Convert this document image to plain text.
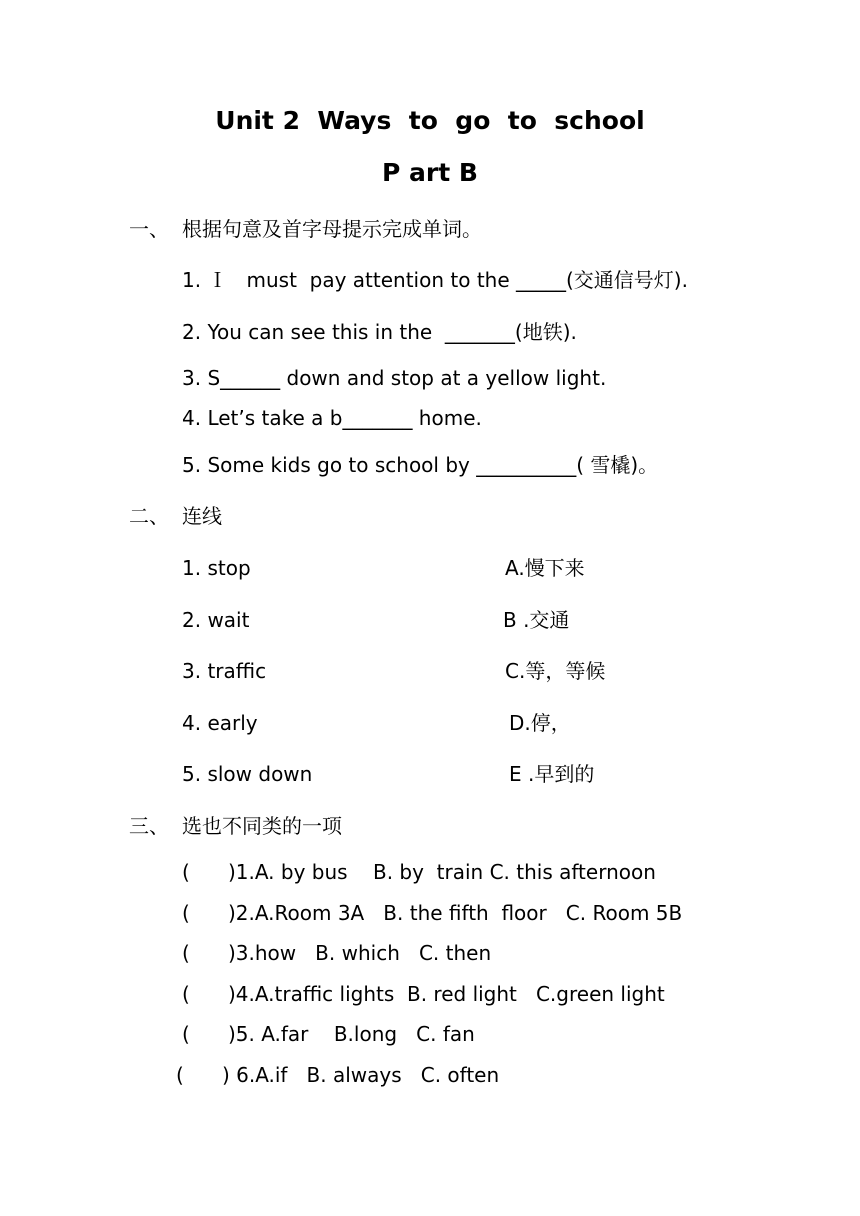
Unit 2  Ways  to  go  to  school
P art B
一、 根据句意及首字母提示完成单词。
1. Ｉ   must  pay attention to the _____(交通信号灯).
2. You can see this in the  _______(地铁).
3. S______ down and stop at a yellow light.
4. Let’s take a b_______ home.
5. Some kids go to school by __________( 雪橇)。
二、 连线
1. stop	A.慢下来
2. wait	B .交通
3. traffic	C.等，等候
4. early	D.停，
5. slow down	E .早到的
三、 选也不同类的一项
(      )1.A. by bus    B. by  train C. this afternoon
(      )2.A.Room 3A   B. the fifth  floor   C. Room 5B
(      )3.how   B. which   C. then
(      )4.A.traffic lights  B. red light   C.green light
(      )5. A.far    B.long   C. fan
(      ) 6.A.if   B. always   C. often
